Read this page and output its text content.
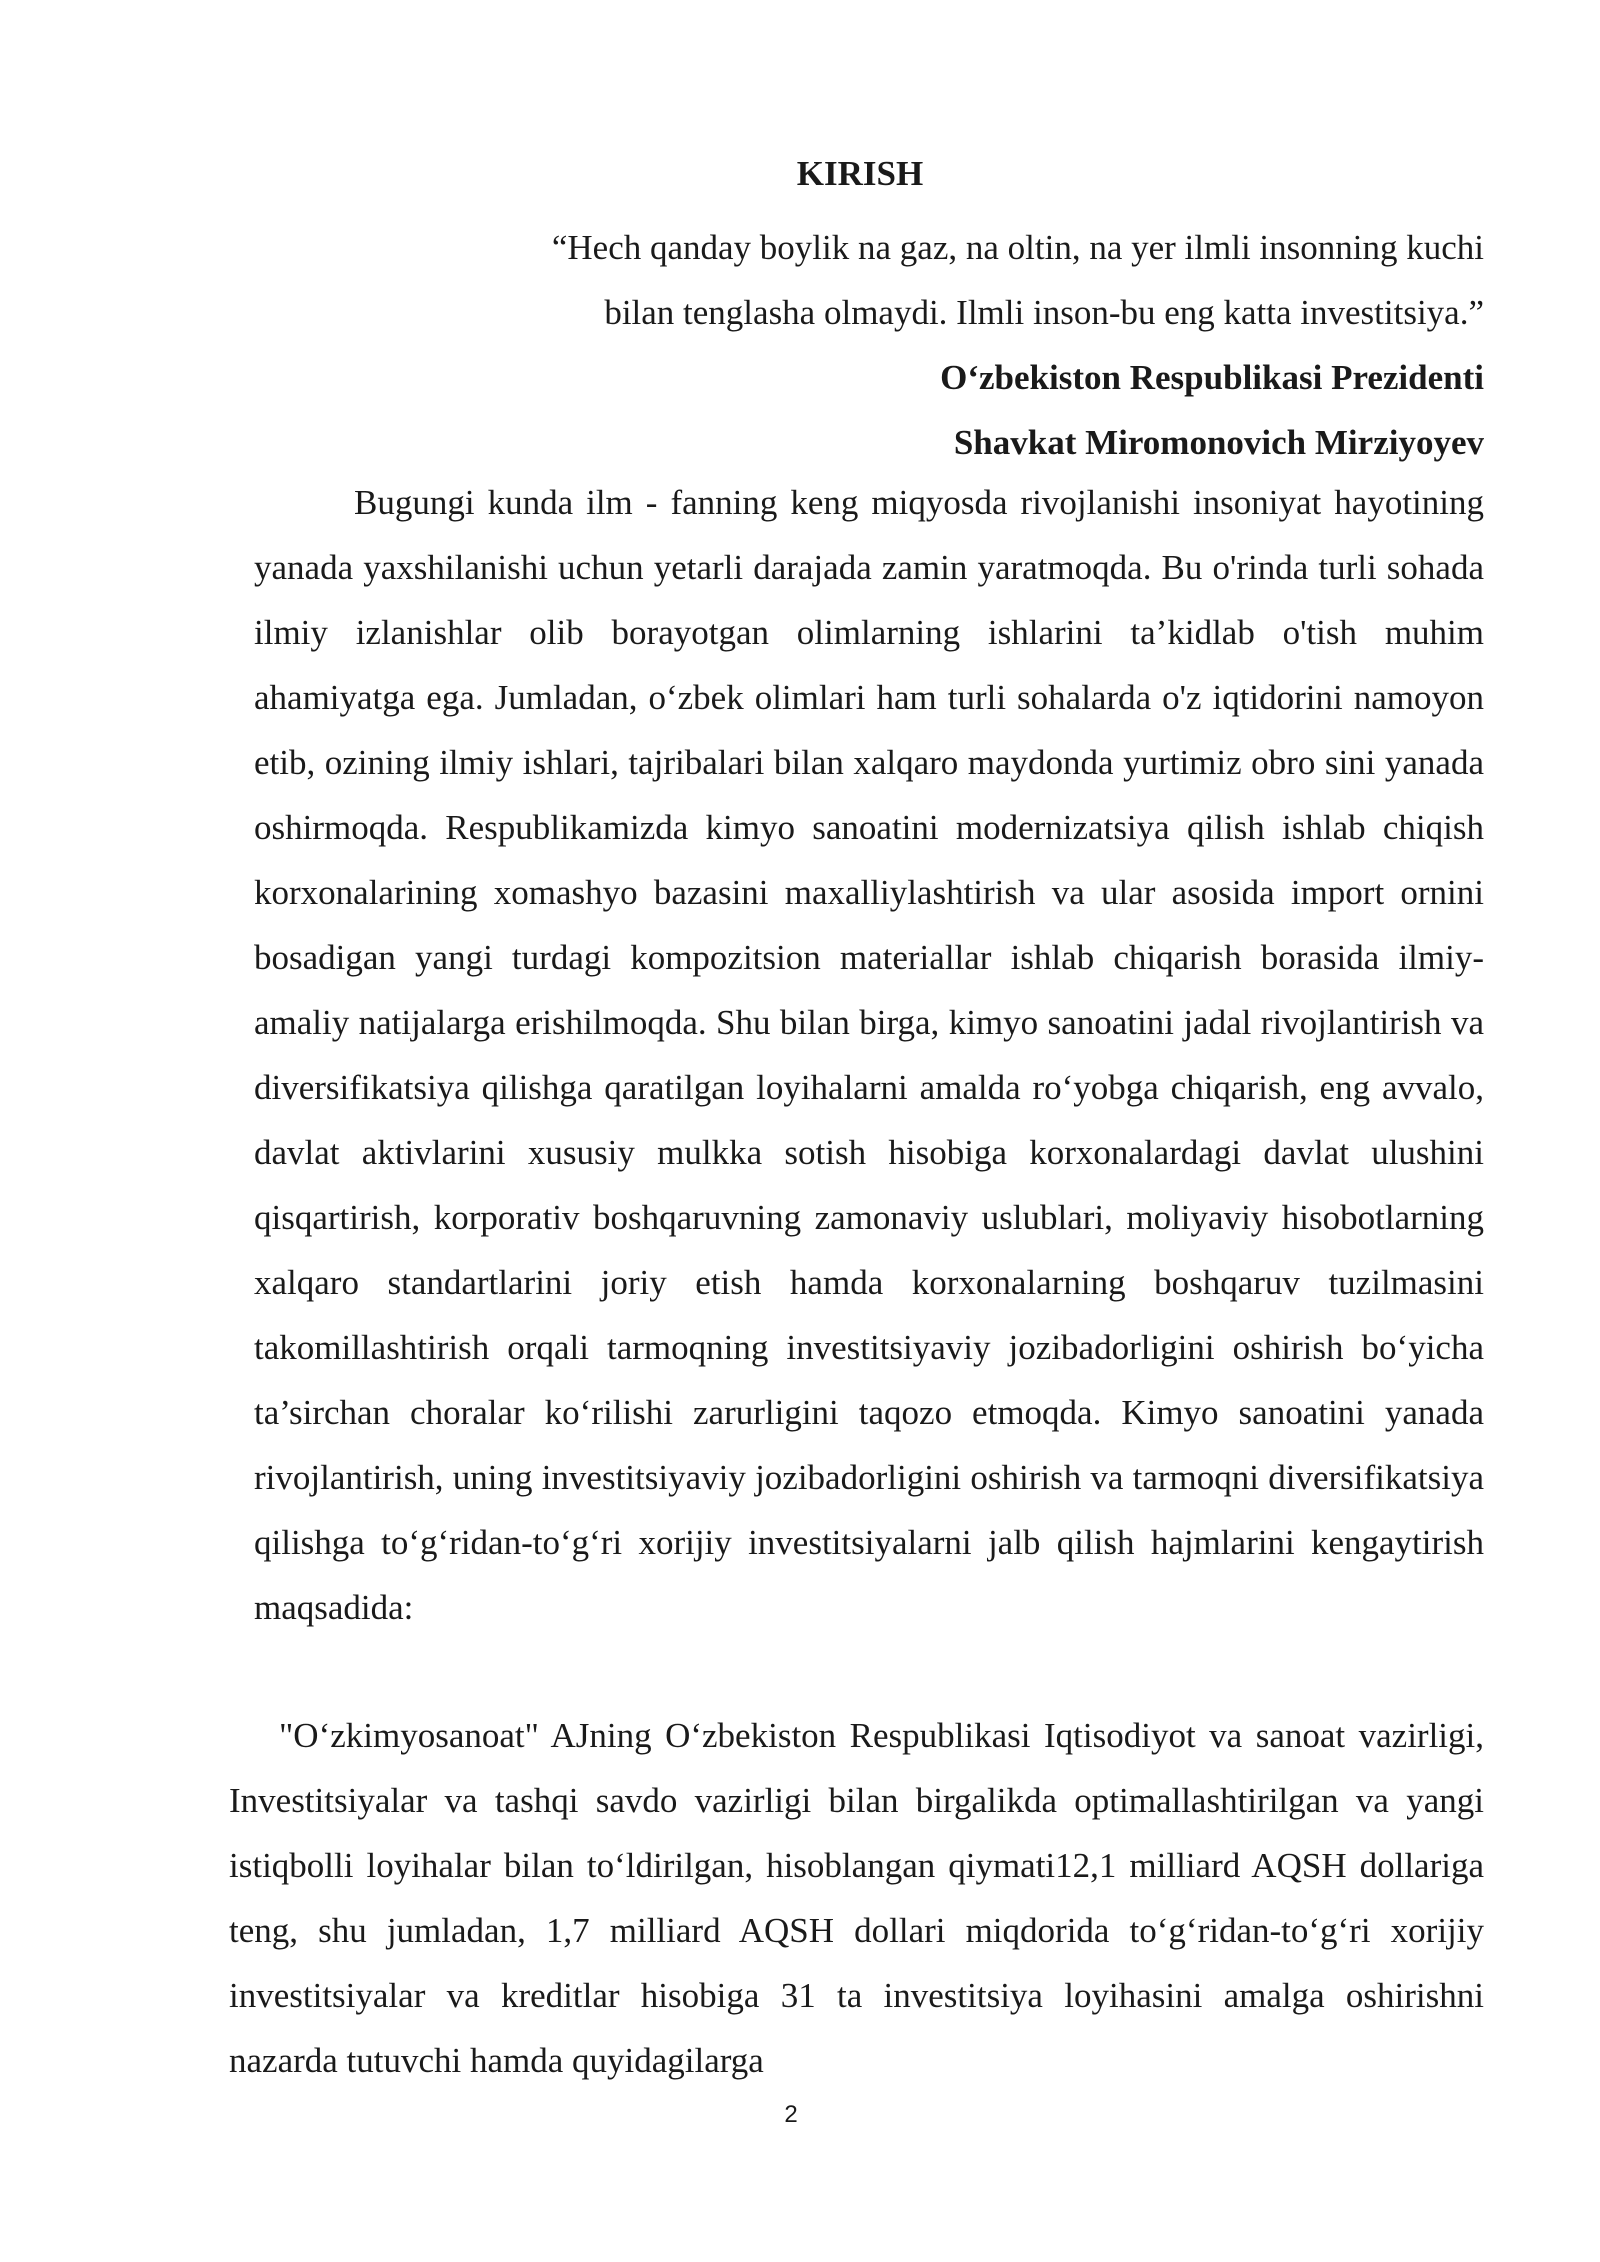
KIRISH

“Hech qanday boylik na gaz, na oltin, na yer ilmli insonning kuchi bilan tenglasha olmaydi. Ilmli inson-bu eng katta investitsiya.”

O‘zbekiston Respublikasi Prezidenti
Shavkat Miromonovich Mirziyoyev

Bugungi kunda ilm - fanning keng miqyosda rivojlanishi insoniyat hayotining yanada yaxshilanishi uchun yetarli darajada zamin yaratmoqda. Bu o'rinda turli sohada ilmiy izlanishlar olib borayotgan olimlarning ishlarini ta’kidlab o'tish muhim ahamiyatga ega. Jumladan, o‘zbek olimlari ham turli sohalarda o'z iqtidorini namoyon etib, ozining ilmiy ishlari, tajribalari bilan xalqaro maydonda yurtimiz obro sini yanada oshirmoqda. Respublikamizda kimyo sanoatini modernizatsiya qilish ishlab chiqish korxonalarining xomashyo bazasini maxalliylashtirish va ular asosida import ornini bosadigan yangi turdagi kompozitsion materiallar ishlab chiqarish borasida ilmiy-amaliy natijalarga erishilmoqda. Shu bilan birga, kimyo sanoatini jadal rivojlantirish va diversifikatsiya qilishga qaratilgan loyihalarni amalda ro‘yobga chiqarish, eng avvalo, davlat aktivlarini xususiy mulkka sotish hisobiga korxonalardagi davlat ulushini qisqartirish, korporativ boshqaruvning zamonaviy uslublari, moliyaviy hisobotlarning xalqaro standartlarini joriy etish hamda korxonalarning boshqaruv tuzilmasini takomillashtirish orqali tarmoqning investitsiyaviy jozibadorligini oshirish bo‘yicha ta’sirchan choralar ko‘rilishi zarurligini taqozo etmoqda. Kimyo sanoatini yanada rivojlantirish, uning investitsiyaviy jozibadorligini oshirish va tarmoqni diversifikatsiya qilishga to‘g‘ridan-to‘g‘ri xorijiy investitsiyalarni jalb qilish hajmlarini kengaytirish maqsadida:

"O‘zkimyosanoat" AJning O‘zbekiston Respublikasi Iqtisodiyot va sanoat vazirligi, Investitsiyalar va tashqi savdo vazirligi bilan birgalikda optimallashtirilgan va yangi istiqbolli loyihalar bilan to‘ldirilgan, hisoblangan qiymati12,1 milliard AQSH dollariga teng, shu jumladan, 1,7 milliard AQSH dollari miqdorida to‘g‘ridan-to‘g‘ri xorijiy investitsiyalar va kreditlar hisobiga 31 ta investitsiya loyihasini amalga oshirishni nazarda tutuvchi hamda quyidagilarga

2
